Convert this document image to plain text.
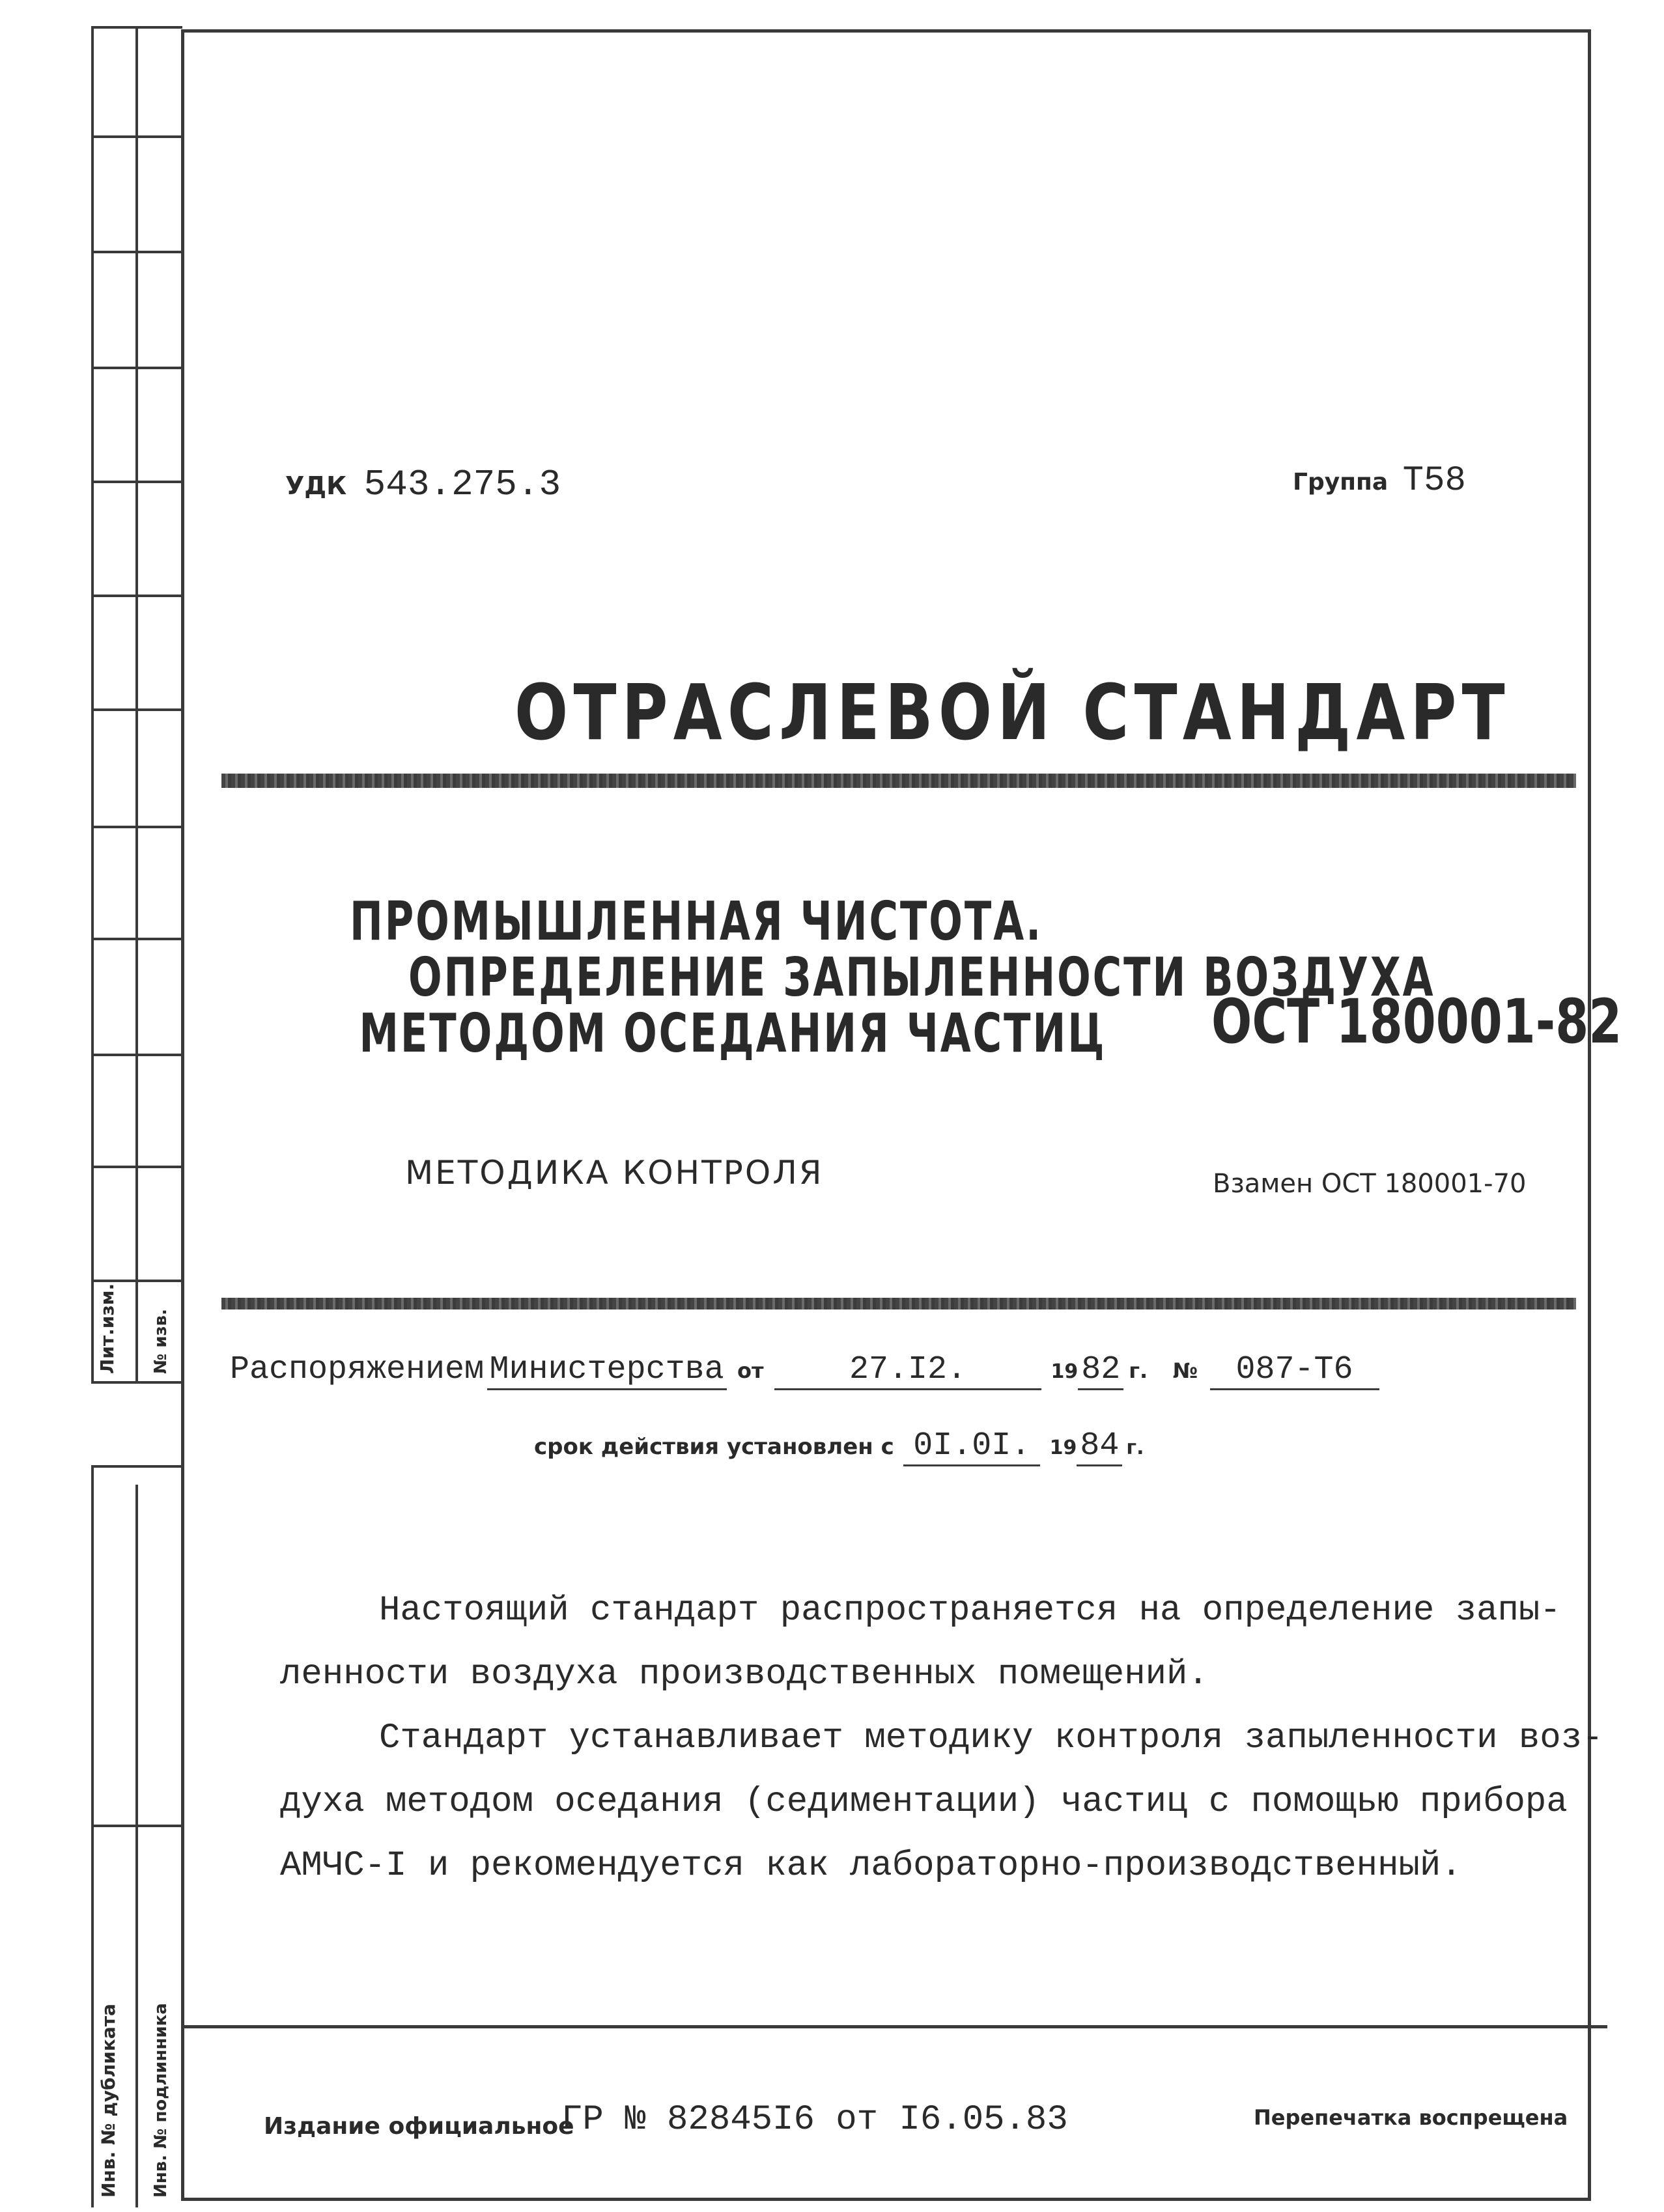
Лит.изм. № изв.
Инв. № дубликата Инв. № подлинника
УДК 543.275.3	Группа Т58
ОТРАСЛЕВОЙ СТАНДАРТ
ПРОМЫШЛЕННАЯ ЧИСТОТА.
ОПРЕДЕЛЕНИЕ ЗАПЫЛЕННОСТИ ВОЗДУХА
МЕТОДОМ ОСЕДАНИЯ ЧАСТИЦ ОСТ 180001-82
МЕТОДИКА КОНТРОЛЯ	Взамен ОСТ 180001-70
Распоряжением Министерства от	27.I2.	1982 г. № 087-Т6
срок действия установлен с 0I.0I. 1984 г.
Настоящий стандарт распространяется на определение запы-
ленности воздуха производственных помещений.
Стандарт устанавливает методику контроля запыленности воз-
духа методом оседания (седиментации) частиц с помощью прибора
АМЧС-I и рекомендуется как лабораторно-производственный.
Издание официальное
ГР № 82845I6 от I6.05.83	Перепечатка воспрещена
